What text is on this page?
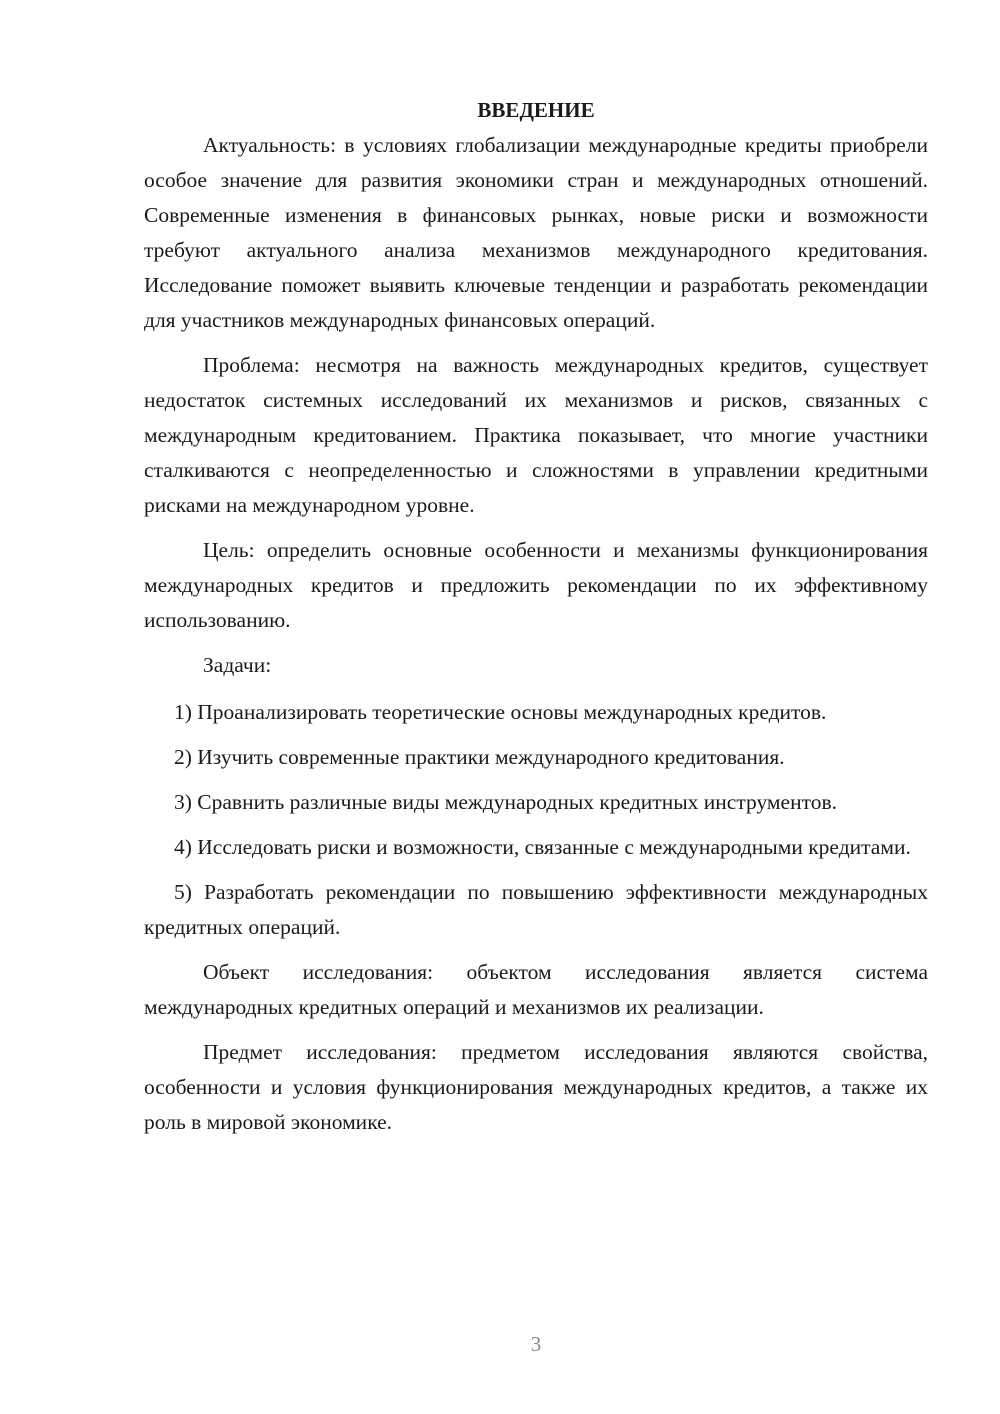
ВВЕДЕНИЕ

Актуальность: в условиях глобализации международные кредиты приобрели особое значение для развития экономики стран и международных отношений. Современные изменения в финансовых рынках, новые риски и возможности требуют актуального анализа механизмов международного кредитования. Исследование поможет выявить ключевые тенденции и разработать рекомендации для участников международных финансовых операций.

Проблема: несмотря на важность международных кредитов, существует недостаток системных исследований их механизмов и рисков, связанных с международным кредитованием. Практика показывает, что многие участники сталкиваются с неопределенностью и сложностями в управлении кредитными рисками на международном уровне.

Цель: определить основные особенности и механизмы функционирования международных кредитов и предложить рекомендации по их эффективному использованию.

Задачи:

1) Проанализировать теоретические основы международных кредитов.

2) Изучить современные практики международного кредитования.

3) Сравнить различные виды международных кредитных инструментов.

4) Исследовать риски и возможности, связанные с международными кредитами.

5) Разработать рекомендации по повышению эффективности международных кредитных операций.

Объект исследования: объектом исследования является система международных кредитных операций и механизмов их реализации.

Предмет исследования: предметом исследования являются свойства, особенности и условия функционирования международных кредитов, а также их роль в мировой экономике.

3
